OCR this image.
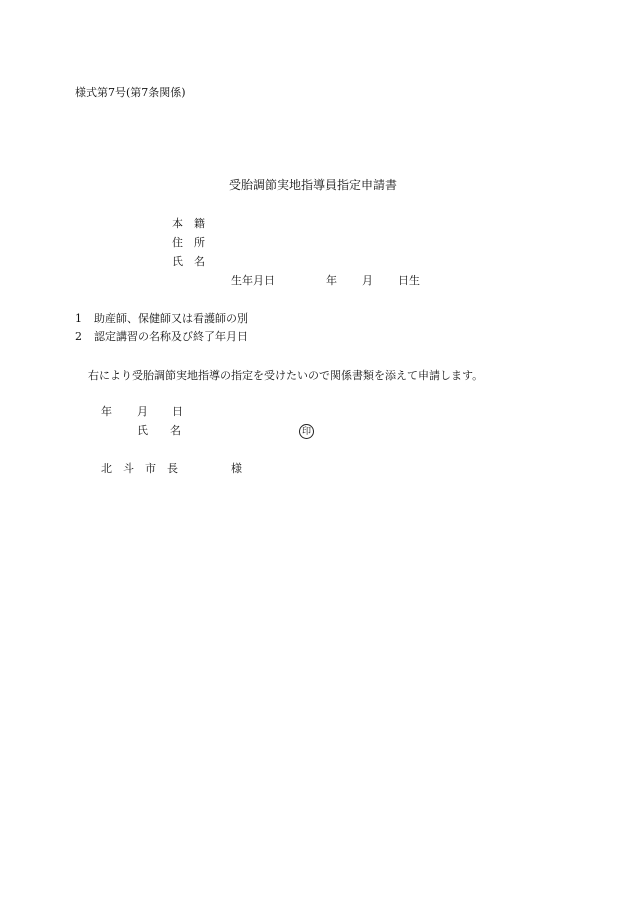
様式第7号(第7条関係)
受胎調節実地指導員指定申請書
本　籍
住　所
氏　名
生年月日	年 月 日生
1 助産師、保健師又は看護師の別
2 認定講習の名称及び終了年月日
右により受胎調節実地指導の指定を受けたいので関係書類を添えて申請します。
年 月 日
氏　　名	印
北　斗　市　長	様
